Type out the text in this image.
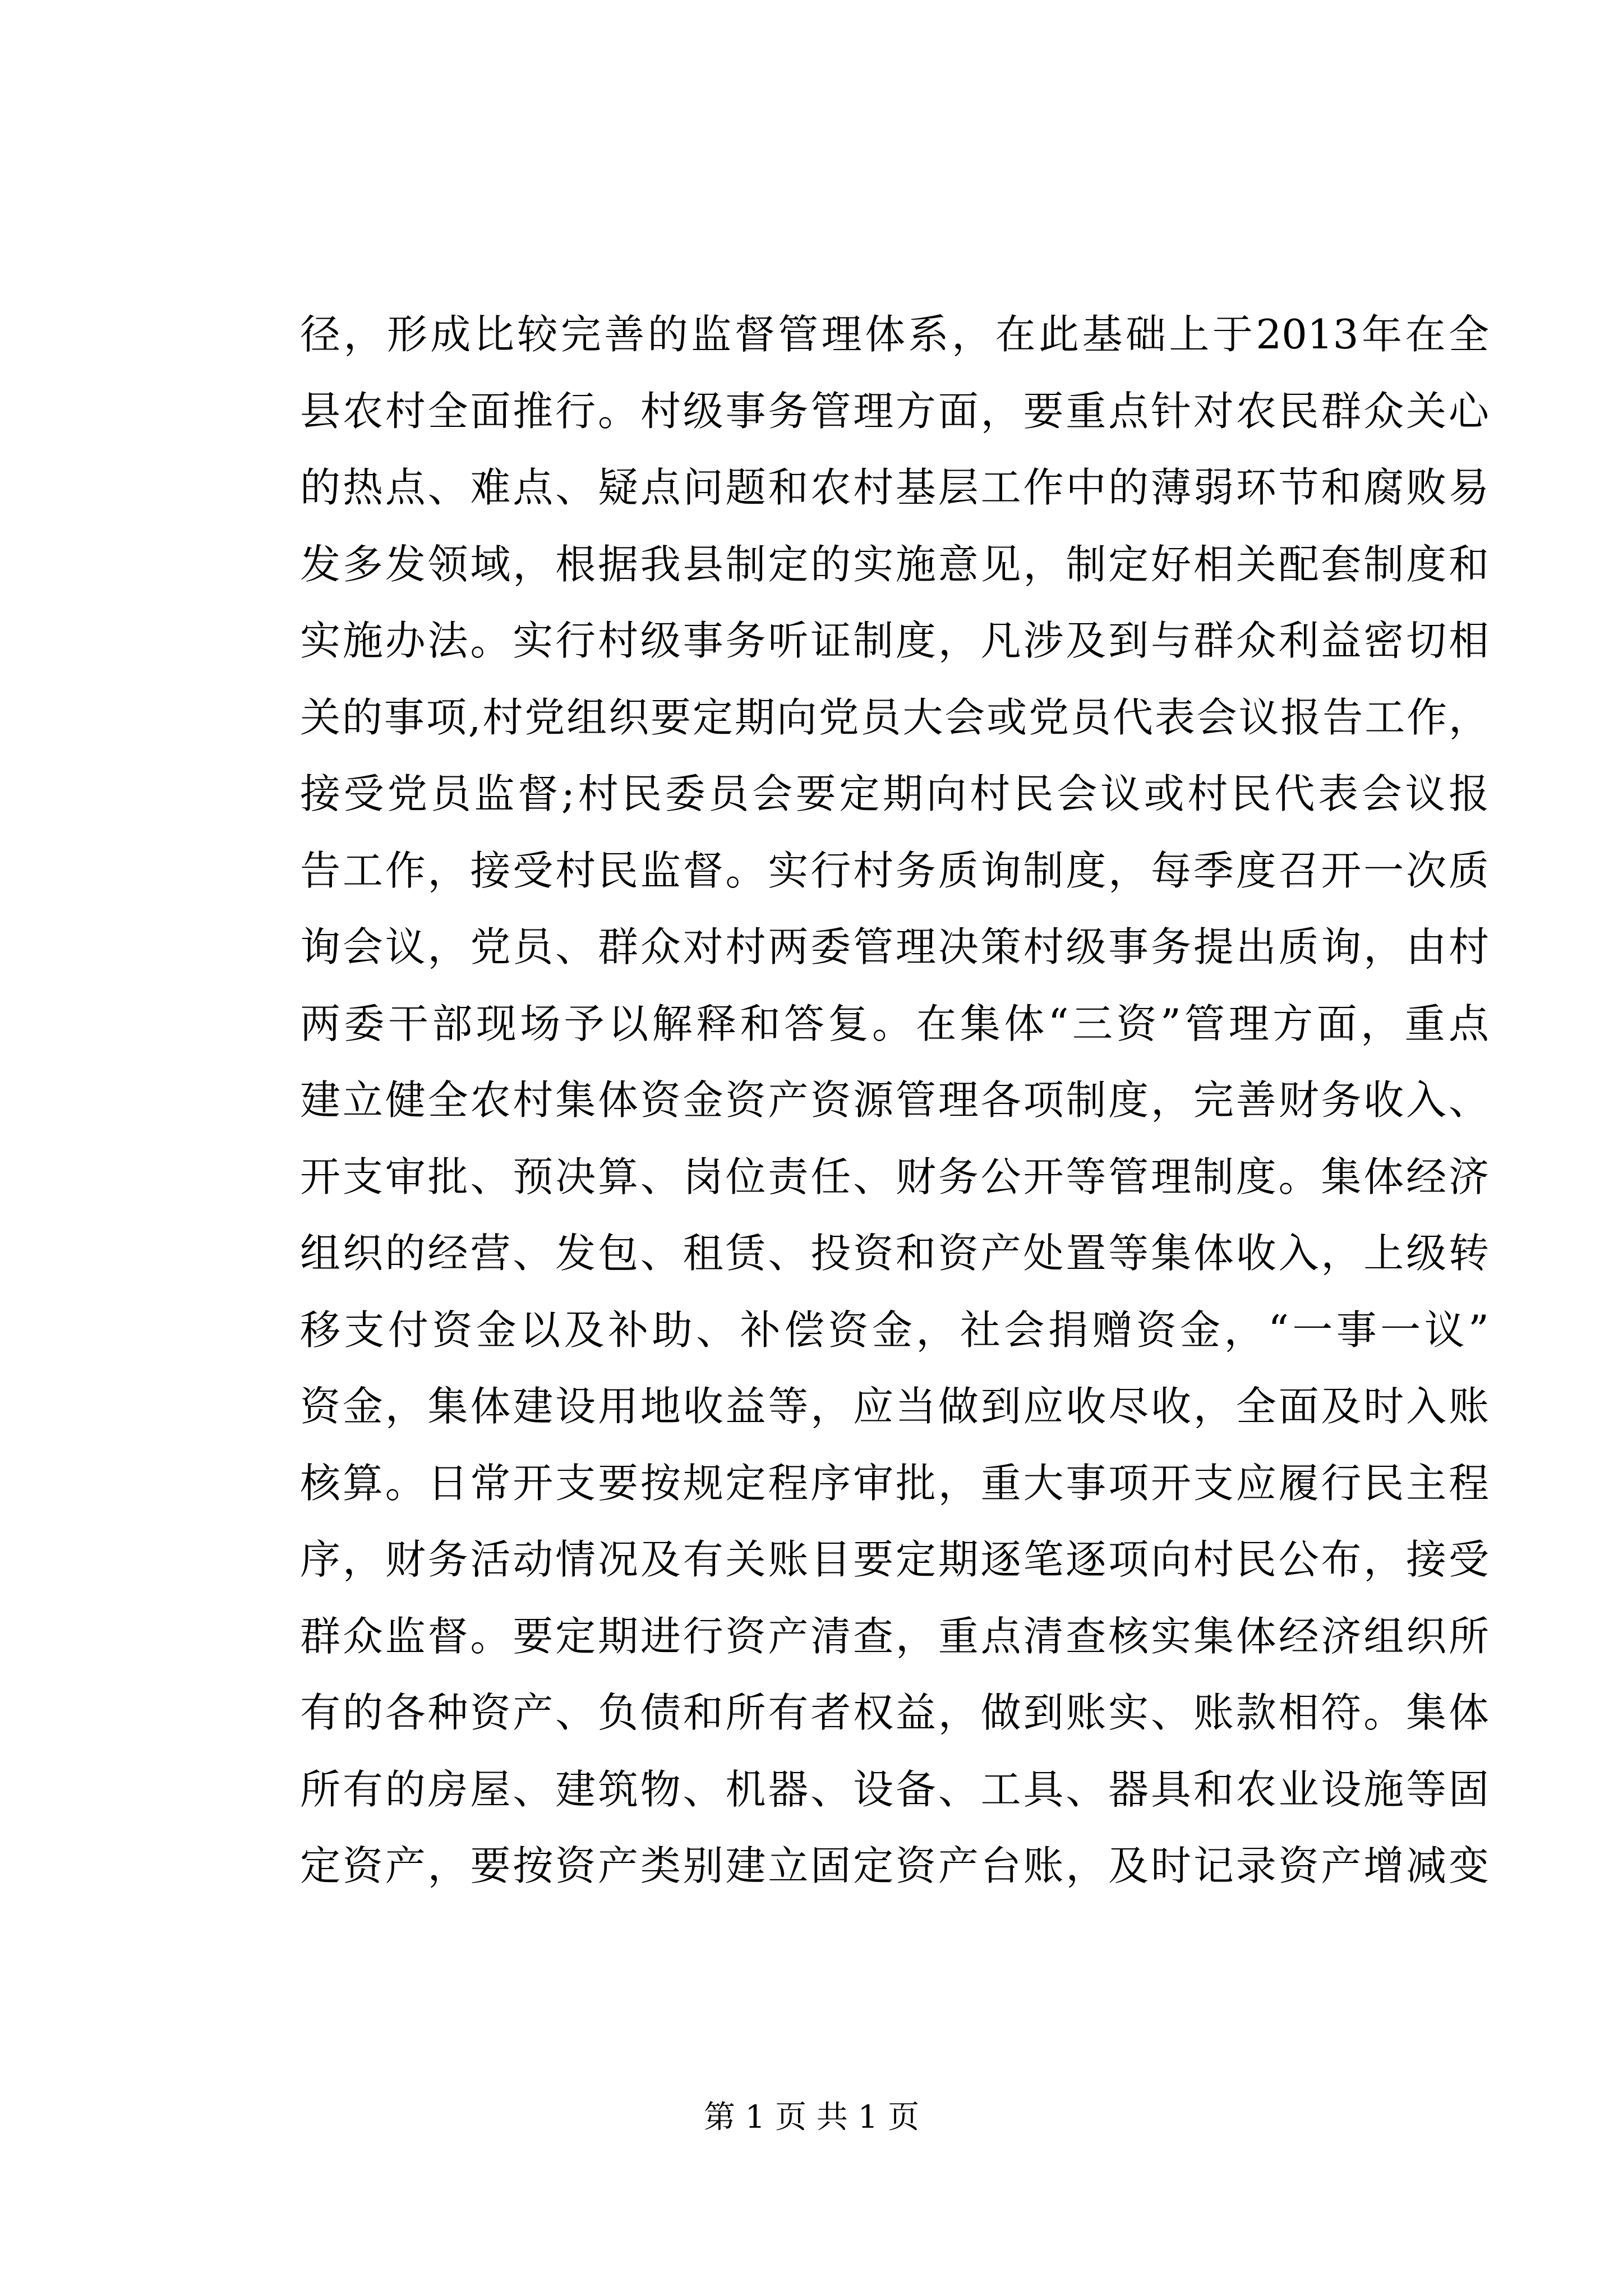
径，形成比较完善的监督管理体系，在此基础上于2013年在全
县农村全面推行。村级事务管理方面，要重点针对农民群众关心
的热点、难点、疑点问题和农村基层工作中的薄弱环节和腐败易
发多发领域，根据我县制定的实施意见，制定好相关配套制度和
实施办法。实行村级事务听证制度，凡涉及到与群众利益密切相
关的事项,村党组织要定期向党员大会或党员代表会议报告工作，
接受党员监督;村民委员会要定期向村民会议或村民代表会议报
告工作，接受村民监督。实行村务质询制度，每季度召开一次质
询会议，党员、群众对村两委管理决策村级事务提出质询，由村
两委干部现场予以解释和答复。在集体“三资”管理方面，重点
建立健全农村集体资金资产资源管理各项制度，完善财务收入、
开支审批、预决算、岗位责任、财务公开等管理制度。集体经济
组织的经营、发包、租赁、投资和资产处置等集体收入，上级转
移支付资金以及补助、补偿资金，社会捐赠资金，“一事一议”
资金，集体建设用地收益等，应当做到应收尽收，全面及时入账
核算。日常开支要按规定程序审批，重大事项开支应履行民主程
序，财务活动情况及有关账目要定期逐笔逐项向村民公布，接受
群众监督。要定期进行资产清查，重点清查核实集体经济组织所
有的各种资产、负债和所有者权益，做到账实、账款相符。集体
所有的房屋、建筑物、机器、设备、工具、器具和农业设施等固
定资产，要按资产类别建立固定资产台账，及时记录资产增减变
第 1 页 共 1 页
